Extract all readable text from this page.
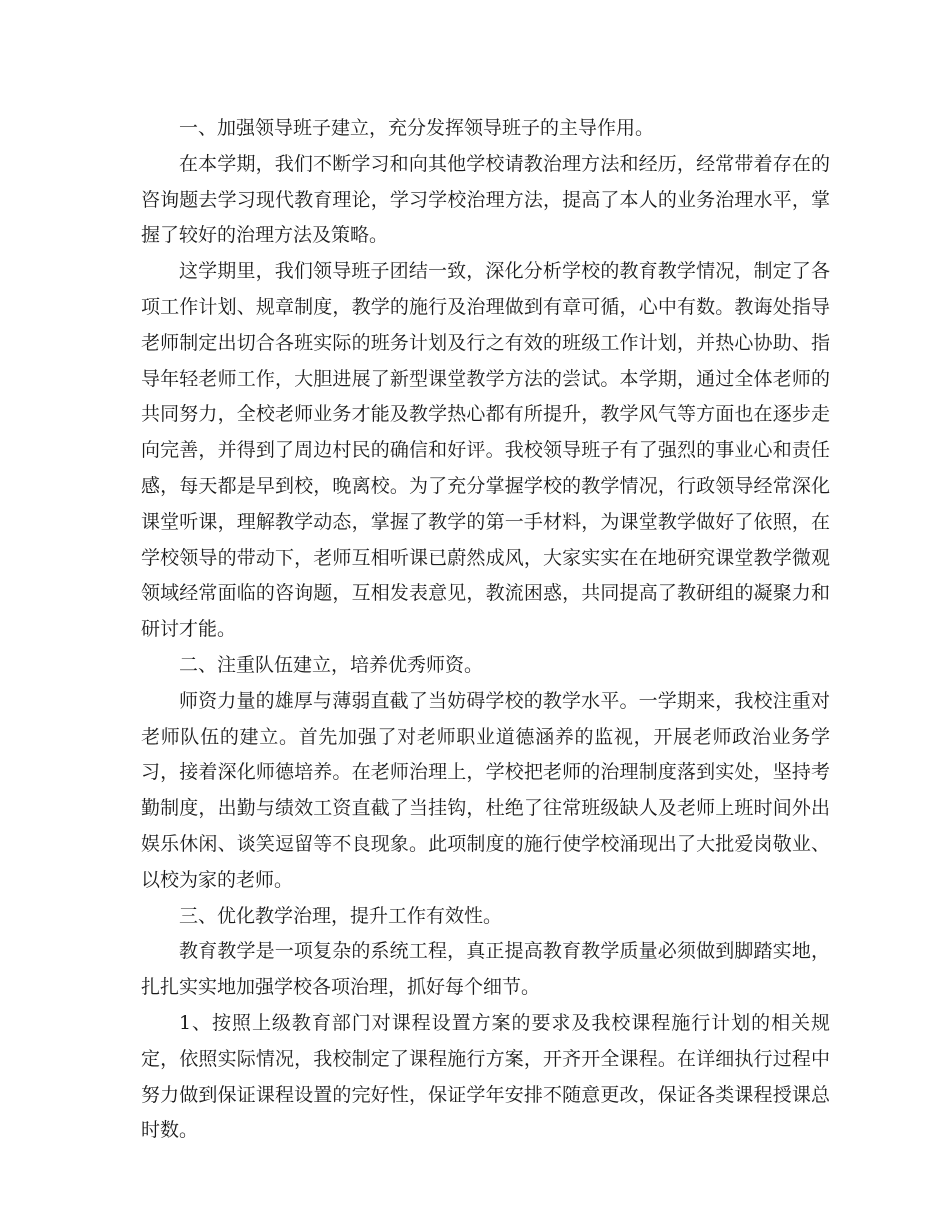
一、加强领导班子建立，充分发挥领导班子的主导作用。

在本学期，我们不断学习和向其他学校请教治理方法和经历，经常带着存在的咨询题去学习现代教育理论，学习学校治理方法，提高了本人的业务治理水平，掌握了较好的治理方法及策略。

这学期里，我们领导班子团结一致，深化分析学校的教育教学情况，制定了各项工作计划、规章制度，教学的施行及治理做到有章可循，心中有数。教诲处指导老师制定出切合各班实际的班务计划及行之有效的班级工作计划，并热心协助、指导年轻老师工作，大胆进展了新型课堂教学方法的尝试。本学期，通过全体老师的共同努力，全校老师业务才能及教学热心都有所提升，教学风气等方面也在逐步走向完善，并得到了周边村民的确信和好评。我校领导班子有了强烈的事业心和责任感，每天都是早到校，晚离校。为了充分掌握学校的教学情况，行政领导经常深化课堂听课，理解教学动态，掌握了教学的第一手材料，为课堂教学做好了依照，在学校领导的带动下，老师互相听课已蔚然成风，大家实实在在地研究课堂教学微观领域经常面临的咨询题，互相发表意见，教流困惑，共同提高了教研组的凝聚力和研讨才能。

二、注重队伍建立，培养优秀师资。

师资力量的雄厚与薄弱直截了当妨碍学校的教学水平。一学期来，我校注重对老师队伍的建立。首先加强了对老师职业道德涵养的监视，开展老师政治业务学习，接着深化师德培养。在老师治理上，学校把老师的治理制度落到实处，坚持考勤制度，出勤与绩效工资直截了当挂钩，杜绝了往常班级缺人及老师上班时间外出娱乐休闲、谈笑逗留等不良现象。此项制度的施行使学校涌现出了大批爱岗敬业、以校为家的老师。

三、优化教学治理，提升工作有效性。

教育教学是一项复杂的系统工程，真正提高教育教学质量必须做到脚踏实地，扎扎实实地加强学校各项治理，抓好每个细节。

1、按照上级教育部门对课程设置方案的要求及我校课程施行计划的相关规定，依照实际情况，我校制定了课程施行方案，开齐开全课程。在详细执行过程中努力做到保证课程设置的完好性，保证学年安排不随意更改，保证各类课程授课总时数。
